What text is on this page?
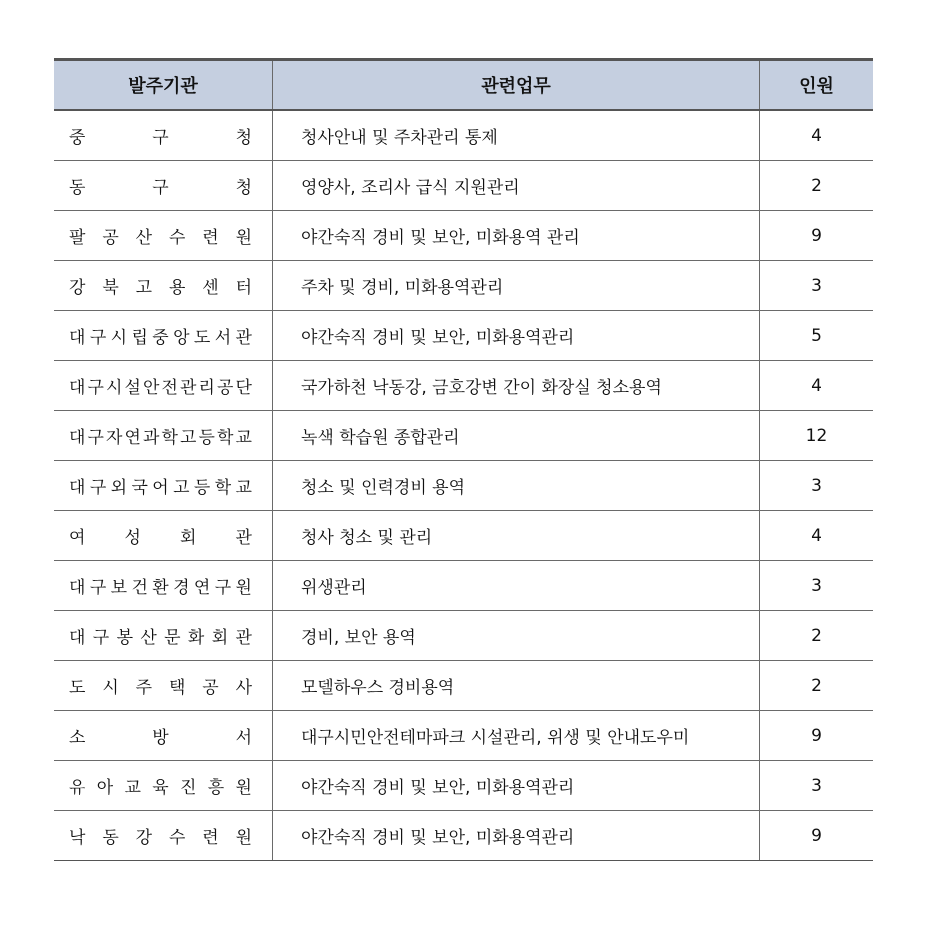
발주기관	관련업무	인원

중 구 청	청사안내 및 주차관리 통제	4

동 구 청	영양사, 조리사 급식 지원관리	2

팔 공 산 수 련 원	야간숙직 경비 및 보안, 미화용역 관리	9

강 북 고 용 센 터	주차 및 경비, 미화용역관리	3

대 구 시 립 중 앙 도 서 관	야간숙직 경비 및 보안, 미화용역관리	5

대 구 시 설 안 전 관 리 공 단	국가하천 낙동강, 금호강변 간이 화장실 청소용역	4

대 구 자 연 과 학 고 등 학 교	녹색 학습원 종합관리	12

대 구 외 국 어 고 등 학 교	청소 및 인력경비 용역	3

여 성 회 관	청사 청소 및 관리	4

대 구 보 건 환 경 연 구 원	위생관리	3

대 구 봉 산 문 화 회 관	경비, 보안 용역	2

도 시 주 택 공 사	모델하우스 경비용역	2

소 방 서	대구시민안전테마파크 시설관리, 위생 및 안내도우미	9

유 아 교 육 진 흥 원	야간숙직 경비 및 보안, 미화용역관리	3

낙 동 강 수 련 원	야간숙직 경비 및 보안, 미화용역관리	9
